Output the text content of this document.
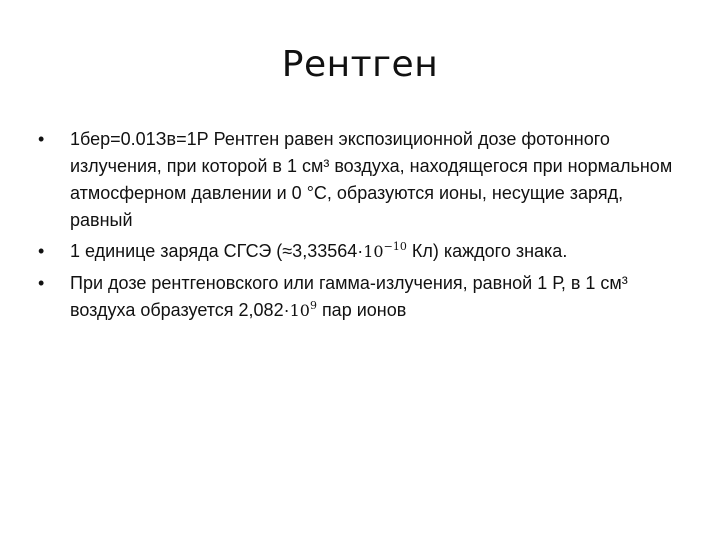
Рентген
•	1бер=0.01Зв=1Р Рентген равен экспозиционной дозе фотонного излучения, при которой в 1 см³ воздуха, находящегося при нормальном атмосферном давлении и 0 °С, образуются ионы, несущие заряд, равный
•	1 единице заряда СГСЭ ($\approx 3,33564\cdot 10^{-10}$ Кл) каждого знака.
•	При дозе рентгеновского или гамма-излучения, равной 1 Р, в 1 см³ воздуха образуется $2,082\cdot 10^9$ пар ионов
